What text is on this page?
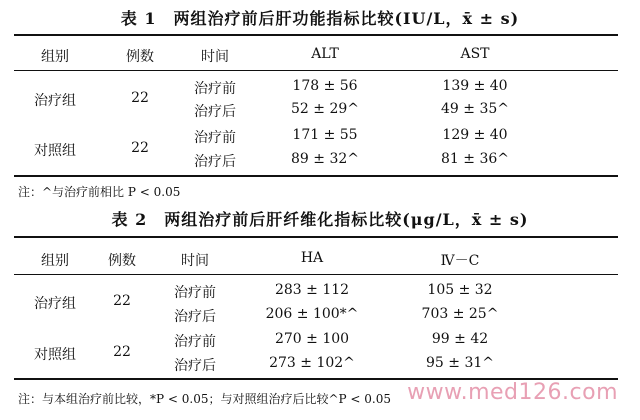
表 1　两组治疗前后肝功能指标比较(IU/L，x̄ ± s)
组别	例数	时间	ALT	AST
治疗组	22
治疗前	178 ± 56	139 ± 40
治疗后	52 ± 29^	49 ± 35^
对照组	22
治疗前	171 ± 55	129 ± 40
治疗后	89 ± 32^	81 ± 36^
注：^与治疗前相比 P < 0.05
表 2　两组治疗前后肝纤维化指标比较(μg/L，x̄ ± s)
组别	例数	时间	HA	Ⅳ－C
治疗组	22	治疗前	283 ± 112	105 ± 32
治疗后	206 ± 100*^	703 ± 25^
对照组	22
治疗前	270 ± 100	99 ± 42
治疗后	273 ± 102^	95 ± 31^
注：与本组治疗前比较，*P < 0.05；与对照组治疗后比较^P < 0.05 www.med126.com
